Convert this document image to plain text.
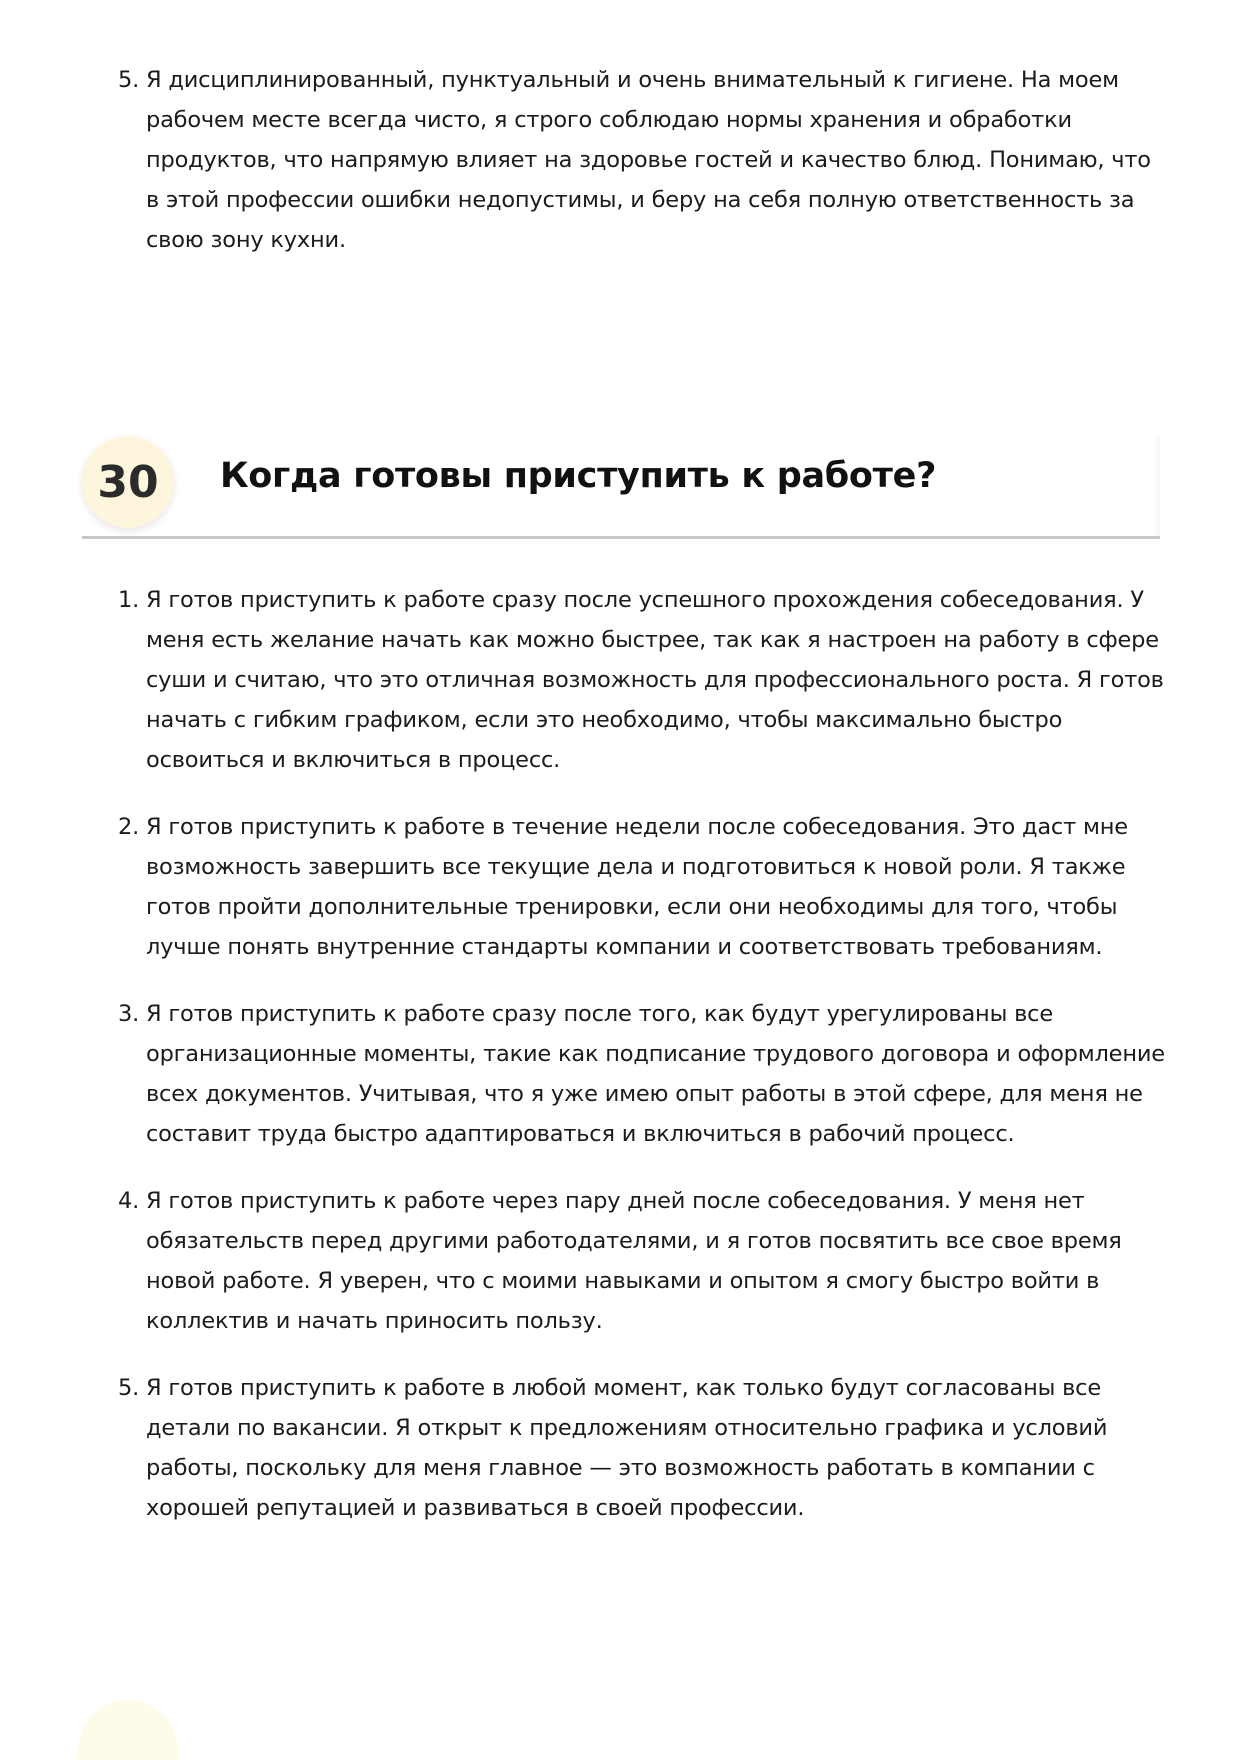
5. Я дисциплинированный, пунктуальный и очень внимательный к гигиене. На моем рабочем месте всегда чисто, я строго соблюдаю нормы хранения и обработки продуктов, что напрямую влияет на здоровье гостей и качество блюд. Понимаю, что в этой профессии ошибки недопустимы, и беру на себя полную ответственность за свою зону кухни.
30	Когда готовы приступить к работе?
1. Я готов приступить к работе сразу после успешного прохождения собеседования. У меня есть желание начать как можно быстрее, так как я настроен на работу в сфере суши и считаю, что это отличная возможность для профессионального роста. Я готов начать с гибким графиком, если это необходимо, чтобы максимально быстро освоиться и включиться в процесс.
2. Я готов приступить к работе в течение недели после собеседования. Это даст мне возможность завершить все текущие дела и подготовиться к новой роли. Я также готов пройти дополнительные тренировки, если они необходимы для того, чтобы лучше понять внутренние стандарты компании и соответствовать требованиям.
3. Я готов приступить к работе сразу после того, как будут урегулированы все организационные моменты, такие как подписание трудового договора и оформление всех документов. Учитывая, что я уже имею опыт работы в этой сфере, для меня не составит труда быстро адаптироваться и включиться в рабочий процесс.
4. Я готов приступить к работе через пару дней после собеседования. У меня нет обязательств перед другими работодателями, и я готов посвятить все свое время новой работе. Я уверен, что с моими навыками и опытом я смогу быстро войти в коллектив и начать приносить пользу.
5. Я готов приступить к работе в любой момент, как только будут согласованы все детали по вакансии. Я открыт к предложениям относительно графика и условий работы, поскольку для меня главное — это возможность работать в компании с хорошей репутацией и развиваться в своей профессии.
